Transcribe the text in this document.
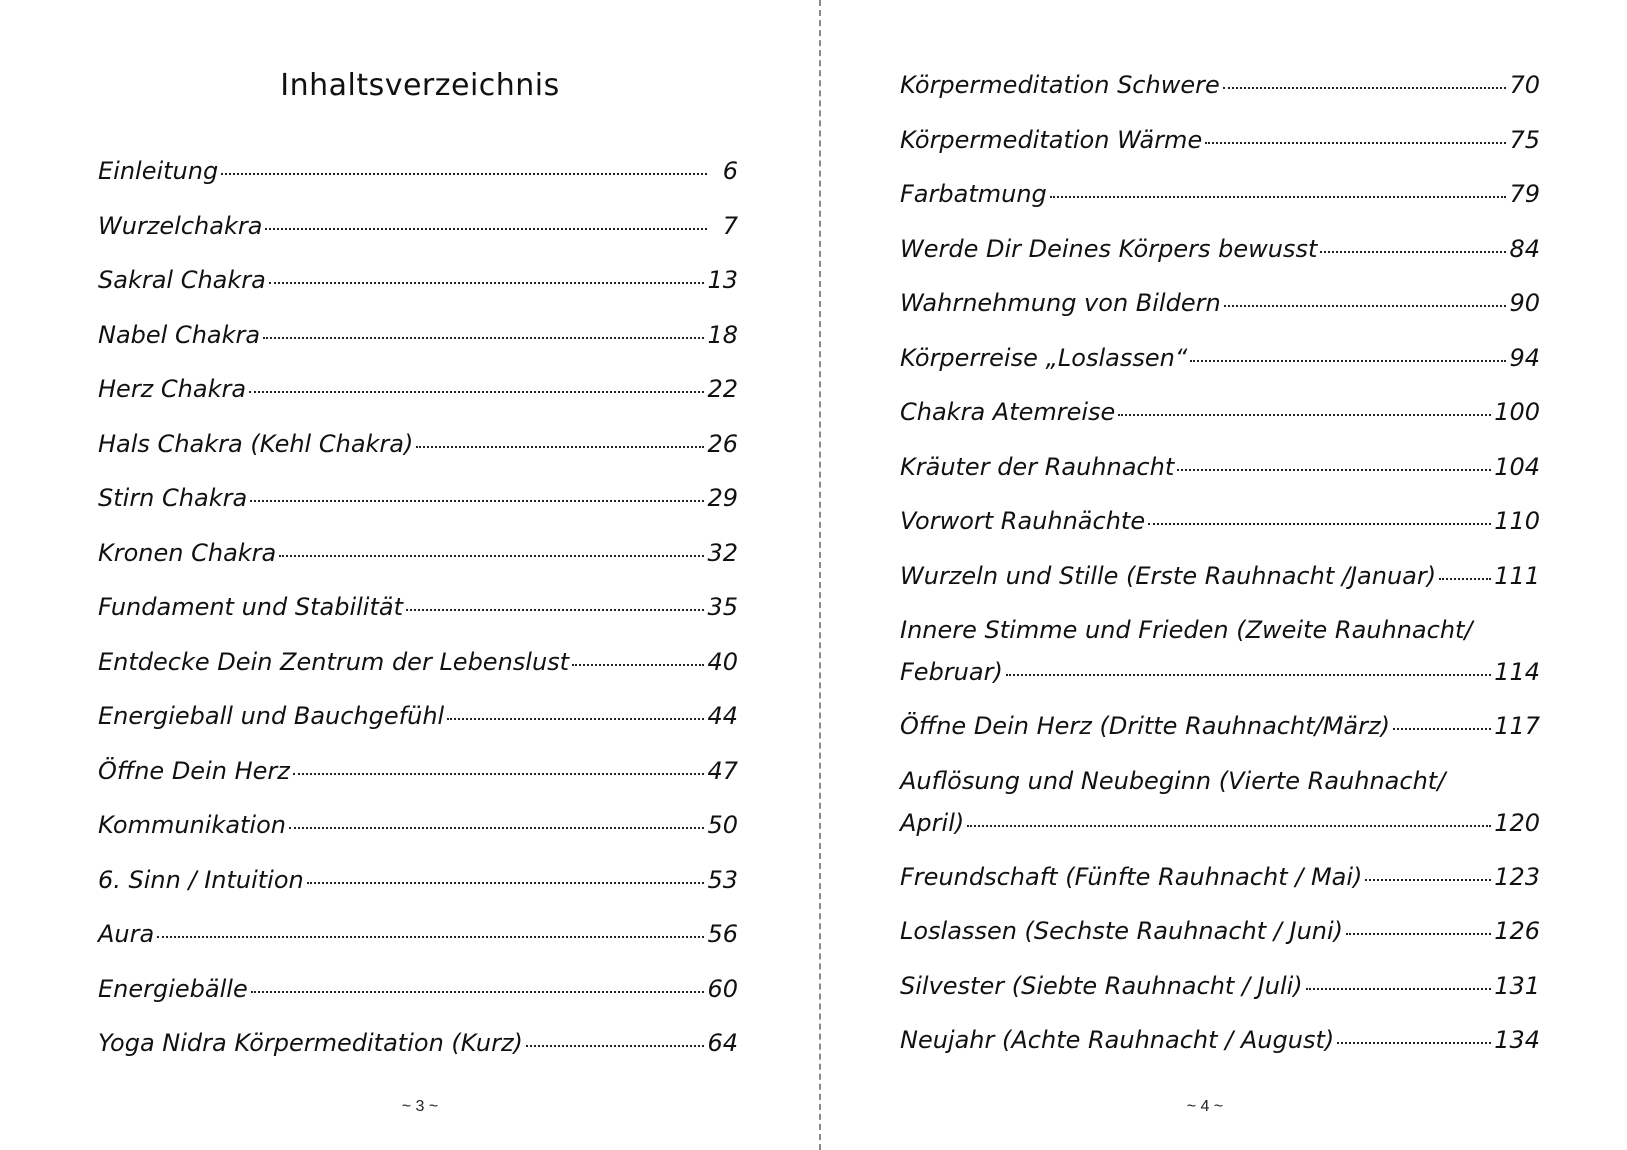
Inhaltsverzeichnis
Einleitung	6
Wurzelchakra	7
Sakral Chakra	13
Nabel Chakra	18
Herz Chakra	22
Hals Chakra (Kehl Chakra)	26
Stirn Chakra	29
Kronen Chakra	32
Fundament und Stabilität	35
Entdecke Dein Zentrum der Lebenslust	40
Energieball und Bauchgefühl	44
Öffne Dein Herz	47
Kommunikation	50
6. Sinn / Intuition	53
Aura	56
Energiebälle	60
Yoga Nidra Körpermeditation (Kurz)	64
~ 3 ~
Körpermeditation Schwere	70
Körpermeditation Wärme	75
Farbatmung	79
Werde Dir Deines Körpers bewusst	84
Wahrnehmung von Bildern	90
Körperreise „Loslassen“	94
Chakra Atemreise	100
Kräuter der Rauhnacht	104
Vorwort Rauhnächte	110
Wurzeln und Stille (Erste Rauhnacht /Januar) 111
Innere Stimme und Frieden (Zweite Rauhnacht/
Februar)	114
Öffne Dein Herz (Dritte Rauhnacht/März)	117
Auflösung und Neubeginn (Vierte Rauhnacht/
April)	120
Freundschaft (Fünfte Rauhnacht / Mai)	123
Loslassen (Sechste Rauhnacht / Juni)	126
Silvester (Siebte Rauhnacht / Juli)	131
Neujahr (Achte Rauhnacht / August)	134
~ 4 ~
